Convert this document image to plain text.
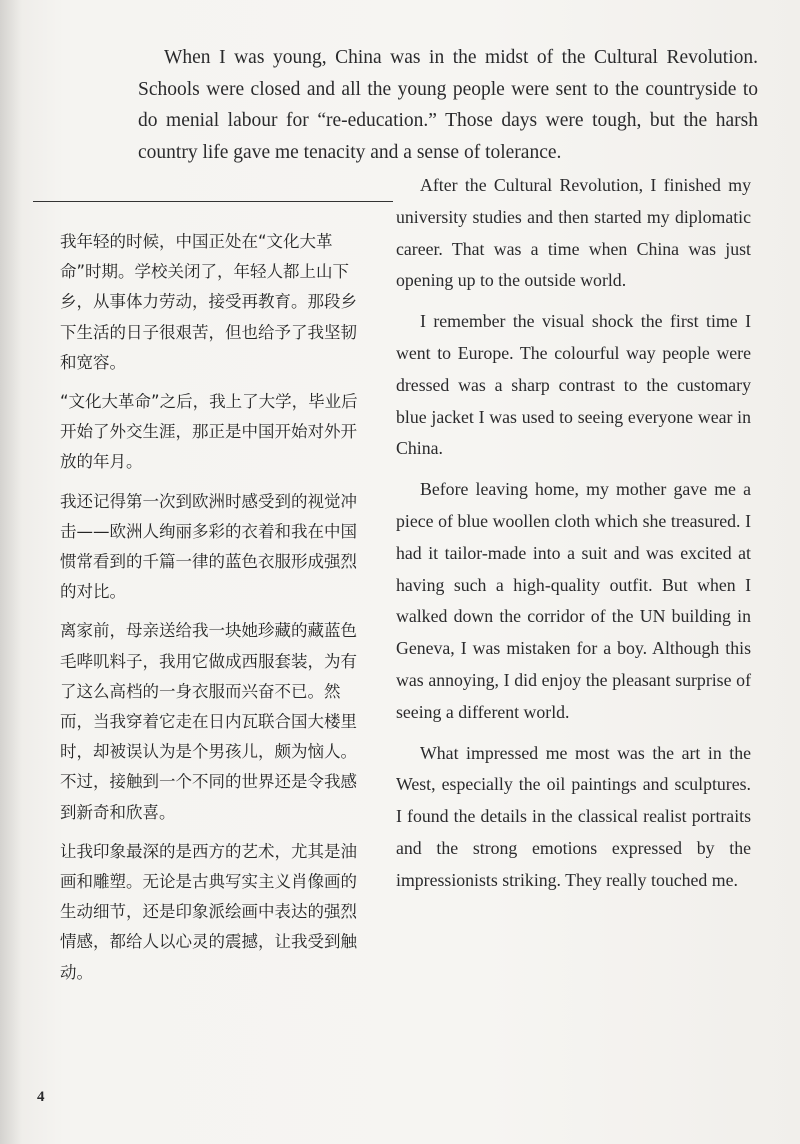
When I was young, China was in the midst of the Cultural Revolution. Schools were closed and all the young people were sent to the countryside to do menial labour for “re-education.” Those days were tough, but the harsh country life gave me tenacity and a sense of tolerance.

我年轻的时候，中国正处在“文化大革命”时期。学校关闭了，年轻人都上山下乡，从事体力劳动，接受再教育。那段乡下生活的日子很艰苦，但也给予了我坚韧和宽容。

“文化大革命”之后，我上了大学，毕业后开始了外交生涯，那正是中国开始对外开放的年月。

我还记得第一次到欧洲时感受到的视觉冲击——欧洲人绚丽多彩的衣着和我在中国惯常看到的千篇一律的蓝色衣服形成强烈的对比。

离家前，母亲送给我一块她珍藏的藏蓝色毛哔叽料子，我用它做成西服套装，为有了这么高档的一身衣服而兴奋不已。然而，当我穿着它走在日内瓦联合国大楼里时，却被误认为是个男孩儿，颇为恼人。不过，接触到一个不同的世界还是令我感到新奇和欣喜。

让我印象最深的是西方的艺术，尤其是油画和雕塑。无论是古典写实主义肖像画的生动细节，还是印象派绘画中表达的强烈情感，都给人以心灵的震撼，让我受到触动。

After the Cultural Revolution, I finished my university studies and then started my diplomatic career. That was a time when China was just opening up to the outside world.

I remember the visual shock the first time I went to Europe. The colourful way people were dressed was a sharp contrast to the customary blue jacket I was used to seeing everyone wear in China.

Before leaving home, my mother gave me a piece of blue woollen cloth which she treasured. I had it tailor-made into a suit and was excited at having such a high-quality outfit. But when I walked down the corridor of the UN building in Geneva, I was mistaken for a boy. Although this was annoying, I did enjoy the pleasant surprise of seeing a different world.

What impressed me most was the art in the West, especially the oil paintings and sculptures. I found the details in the classical realist portraits and the strong emotions expressed by the impressionists striking. They really touched me.

4
